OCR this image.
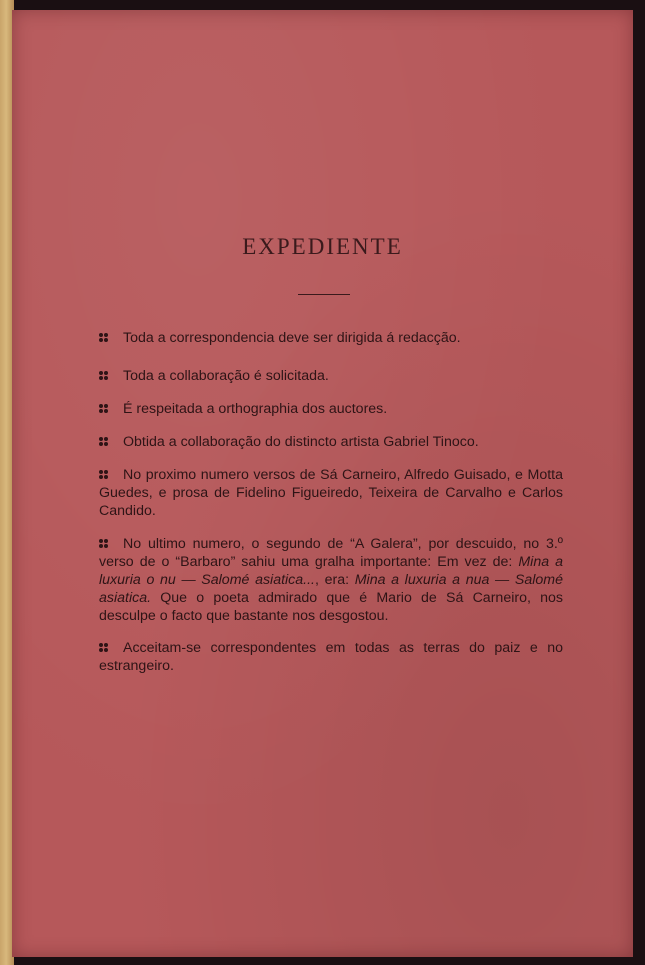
EXPEDIENTE

Toda a correspondencia deve ser dirigida á redacção.

Toda a collaboração é solicitada.

É respeitada a orthographia dos auctores.

Obtida a collaboração do distincto artista Gabriel Tinoco.

No proximo numero versos de Sá Carneiro, Alfredo Guisado, e Motta Guedes, e prosa de Fidelino Figueiredo, Teixeira de Carvalho e Carlos Candido.

No ultimo numero, o segundo de “A Galera”, por descuido, no 3.º verso de o “Barbaro” sahiu uma gralha importante: Em vez de: Mina a luxuria o nu — Salomé asiatica..., era: Mina a luxuria a nua — Salomé asiatica. Que o poeta admirado que é Mario de Sá Carneiro, nos desculpe o facto que bastante nos desgostou.

Acceitam-se correspondentes em todas as terras do paiz e no estrangeiro.
